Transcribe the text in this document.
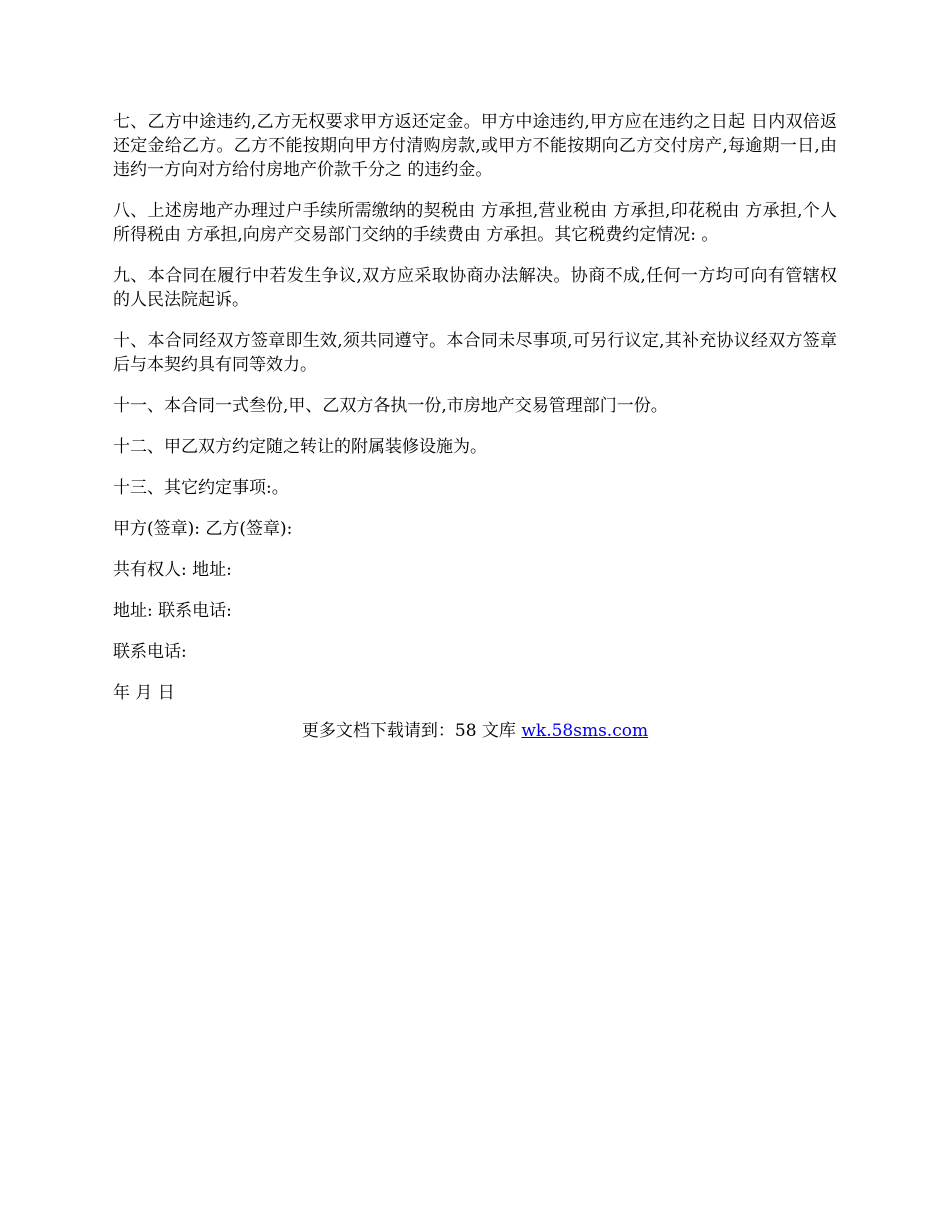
七、乙方中途违约,乙方无权要求甲方返还定金。甲方中途违约,甲方应在违约之日起 日内双倍返还定金给乙方。乙方不能按期向甲方付清购房款,或甲方不能按期向乙方交付房产,每逾期一日,由违约一方向对方给付房地产价款千分之 的违约金。

八、上述房地产办理过户手续所需缴纳的契税由 方承担,营业税由 方承担,印花税由 方承担,个人所得税由 方承担,向房产交易部门交纳的手续费由 方承担。其它税费约定情况: 。

九、本合同在履行中若发生争议,双方应采取协商办法解决。协商不成,任何一方均可向有管辖权的人民法院起诉。

十、本合同经双方签章即生效,须共同遵守。本合同未尽事项,可另行议定,其补充协议经双方签章后与本契约具有同等效力。

十一、本合同一式叁份,甲、乙双方各执一份,市房地产交易管理部门一份。

十二、甲乙双方约定随之转让的附属装修设施为。

十三、其它约定事项:。

甲方(签章): 乙方(签章):

共有权人: 地址:

地址: 联系电话:

联系电话:

年 月 日

更多文档下载请到：58 文库 wk.58sms.com
